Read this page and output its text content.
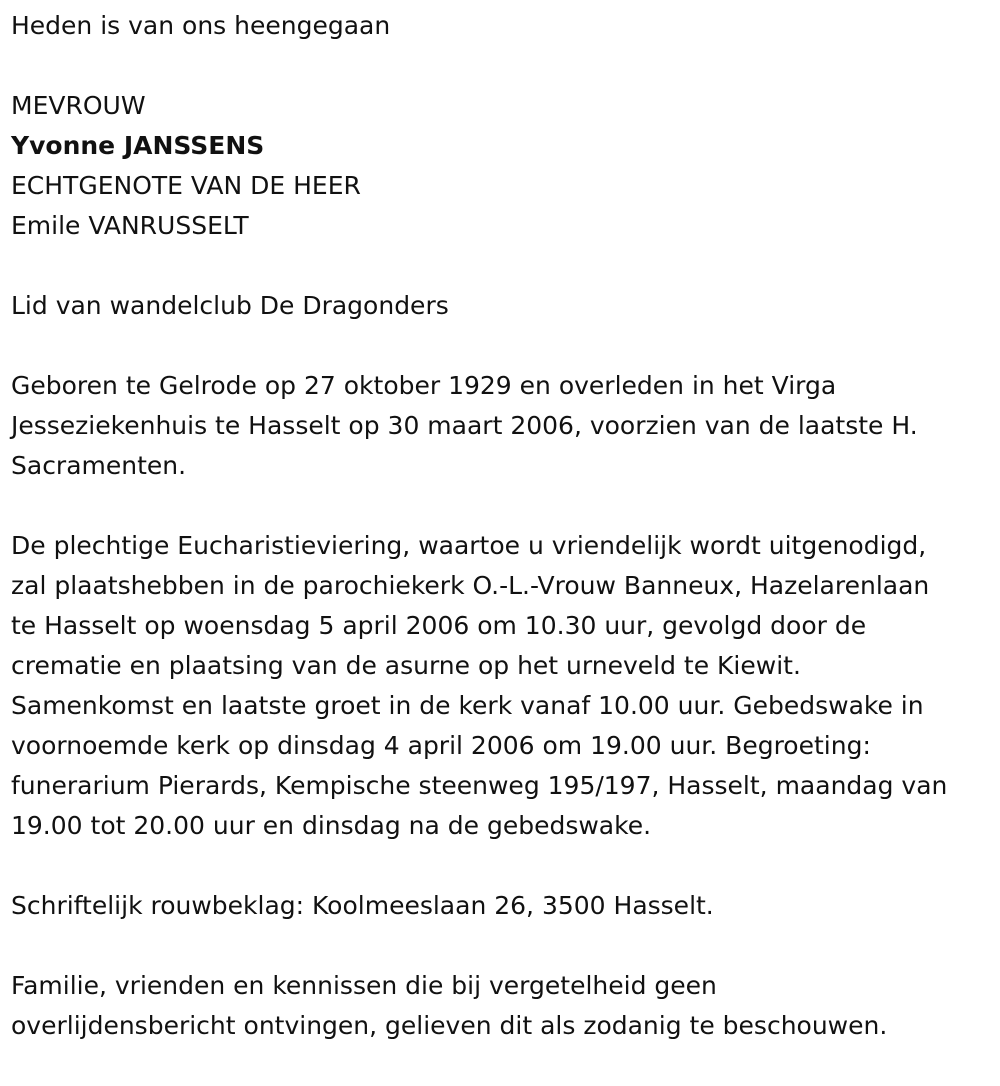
Heden is van ons heengegaan

MEVROUW

Yvonne JANSSENS

ECHTGENOTE VAN DE HEER

Emile VANRUSSELT

Lid van wandelclub De Dragonders

Geboren te Gelrode op 27 oktober 1929 en overleden in het Virga

Jesseziekenhuis te Hasselt op 30 maart 2006, voorzien van de laatste H.

Sacramenten.

De plechtige Eucharistieviering, waartoe u vriendelijk wordt uitgenodigd,

zal plaatshebben in de parochiekerk O.-L.-Vrouw Banneux, Hazelarenlaan

te Hasselt op woensdag 5 april 2006 om 10.30 uur, gevolgd door de

crematie en plaatsing van de asurne op het urneveld te Kiewit.

Samenkomst en laatste groet in de kerk vanaf 10.00 uur. Gebedswake in

voornoemde kerk op dinsdag 4 april 2006 om 19.00 uur. Begroeting:

funerarium Pierards, Kempische steenweg 195/197, Hasselt, maandag van

19.00 tot 20.00 uur en dinsdag na de gebedswake.

Schriftelijk rouwbeklag: Koolmeeslaan 26, 3500 Hasselt.

Familie, vrienden en kennissen die bij vergetelheid geen

overlijdensbericht ontvingen, gelieven dit als zodanig te beschouwen.
